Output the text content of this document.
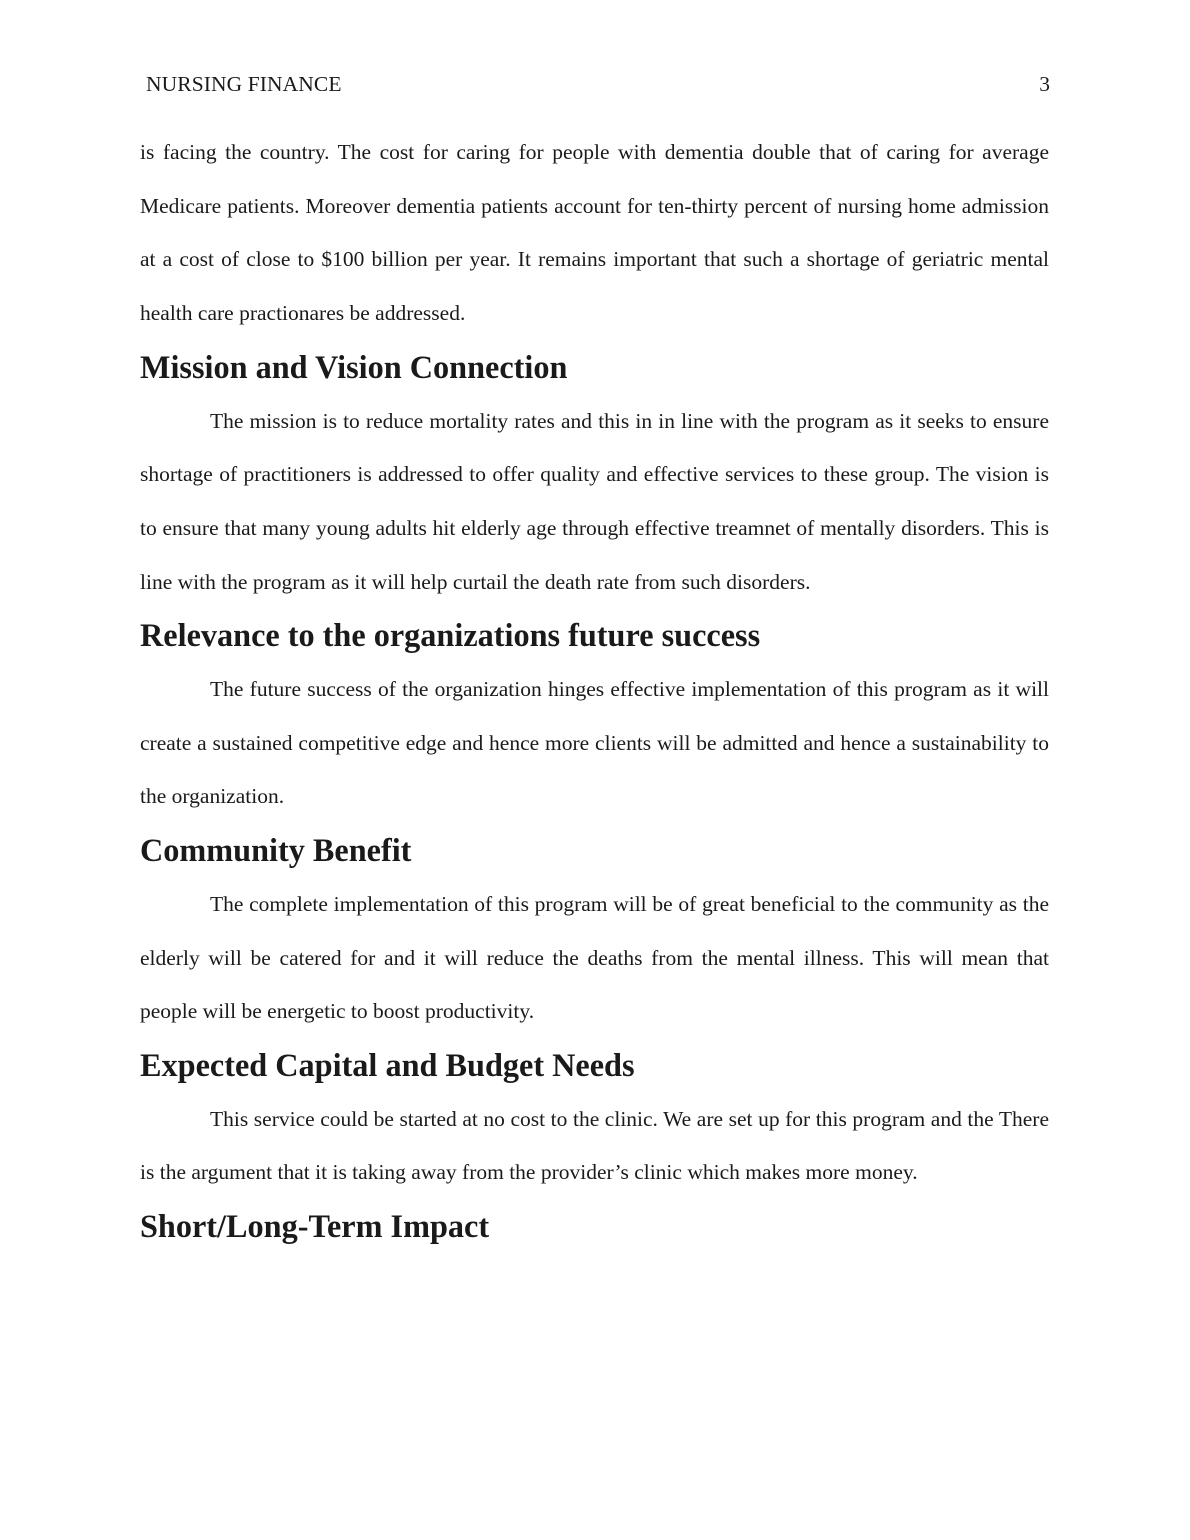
NURSING FINANCE	3

is facing the country. The cost for caring for people with dementia double that of caring for average Medicare patients. Moreover dementia patients account for ten-thirty percent of nursing home admission at a cost of close to $100 billion per year. It remains important that such a shortage of geriatric mental health care practionares be addressed.

Mission and Vision Connection

The mission is to reduce mortality rates and this in in line with the program as it seeks to ensure shortage of practitioners is addressed to offer quality and effective services to these group. The vision is to ensure that many young adults hit elderly age through effective treamnet of mentally disorders. This is line with the program as it will help curtail the death rate from such disorders.

Relevance to the organizations future success

The future success of the organization hinges effective implementation of this program as it will create a sustained competitive edge and hence more clients will be admitted and hence a sustainability to the organization.

Community Benefit

The complete implementation of this program will be of great beneficial to the community as the elderly will be catered for and it will reduce the deaths from the mental illness. This will mean that people will be energetic to boost productivity.

Expected Capital and Budget Needs

This service could be started at no cost to the clinic. We are set up for this program and the There is the argument that it is taking away from the provider’s clinic which makes more money.

Short/Long-Term Impact
